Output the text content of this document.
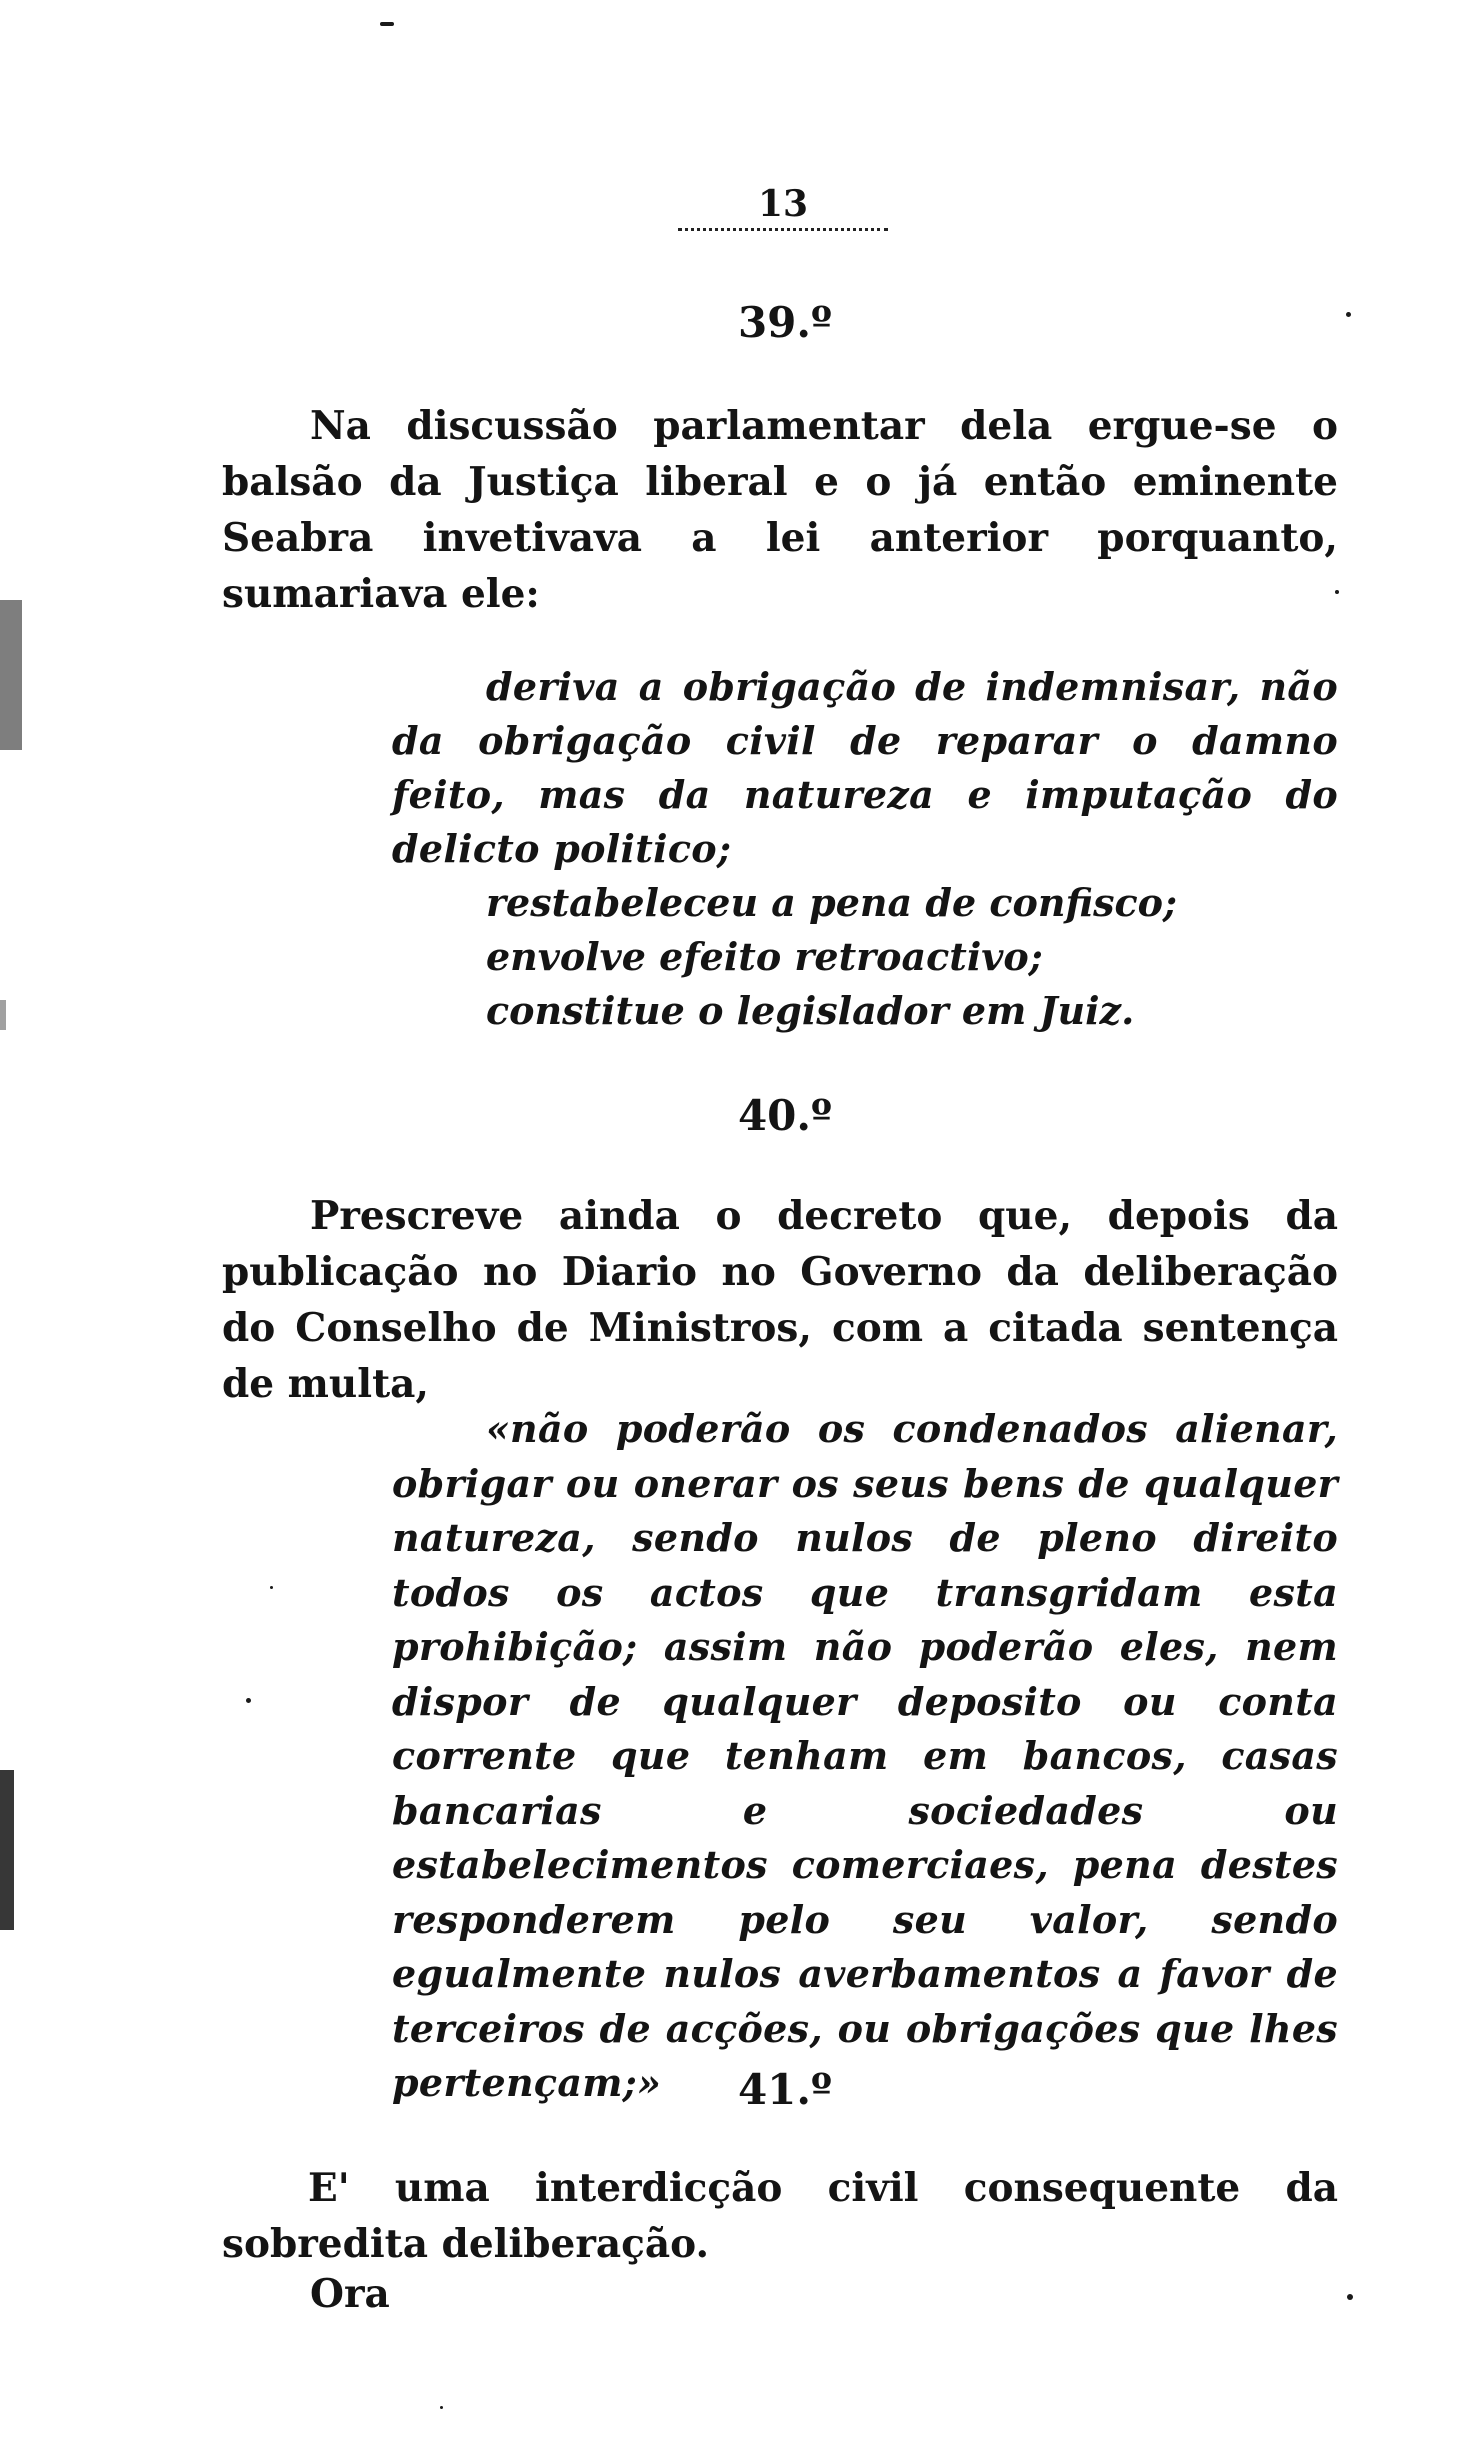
13
39.º

Na discussão parlamentar dela ergue-se o balsão da Justiça liberal e o já então eminente Seabra invetivava a lei anterior porquanto, sumariava ele:

deriva a obrigação de indemnisar, não da obrigação civil de reparar o damno feito, mas da natureza e imputação do delicto politico;

restabeleceu a pena de confisco;

envolve efeito retroactivo;

constitue o legislador em Juiz.

40.º

Prescreve ainda o decreto que, depois da publicação no Diario no Governo da deliberação do Conselho de Ministros, com a citada sentença de multa,

«não poderão os condenados alienar, obrigar ou onerar os seus bens de qualquer natureza, sendo nulos de pleno direito todos os actos que transgridam esta prohibição; assim não poderão eles, nem dispor de qualquer deposito ou conta corrente que tenham em bancos, casas bancarias e sociedades ou estabelecimentos comerciaes, pena destes responderem pelo seu valor, sendo egualmente nulos averbamentos a favor de terceiros de acções, ou obrigações que lhes pertençam;»	41.º

E' uma interdicção civil consequente da sobredita deliberação.

Ora
